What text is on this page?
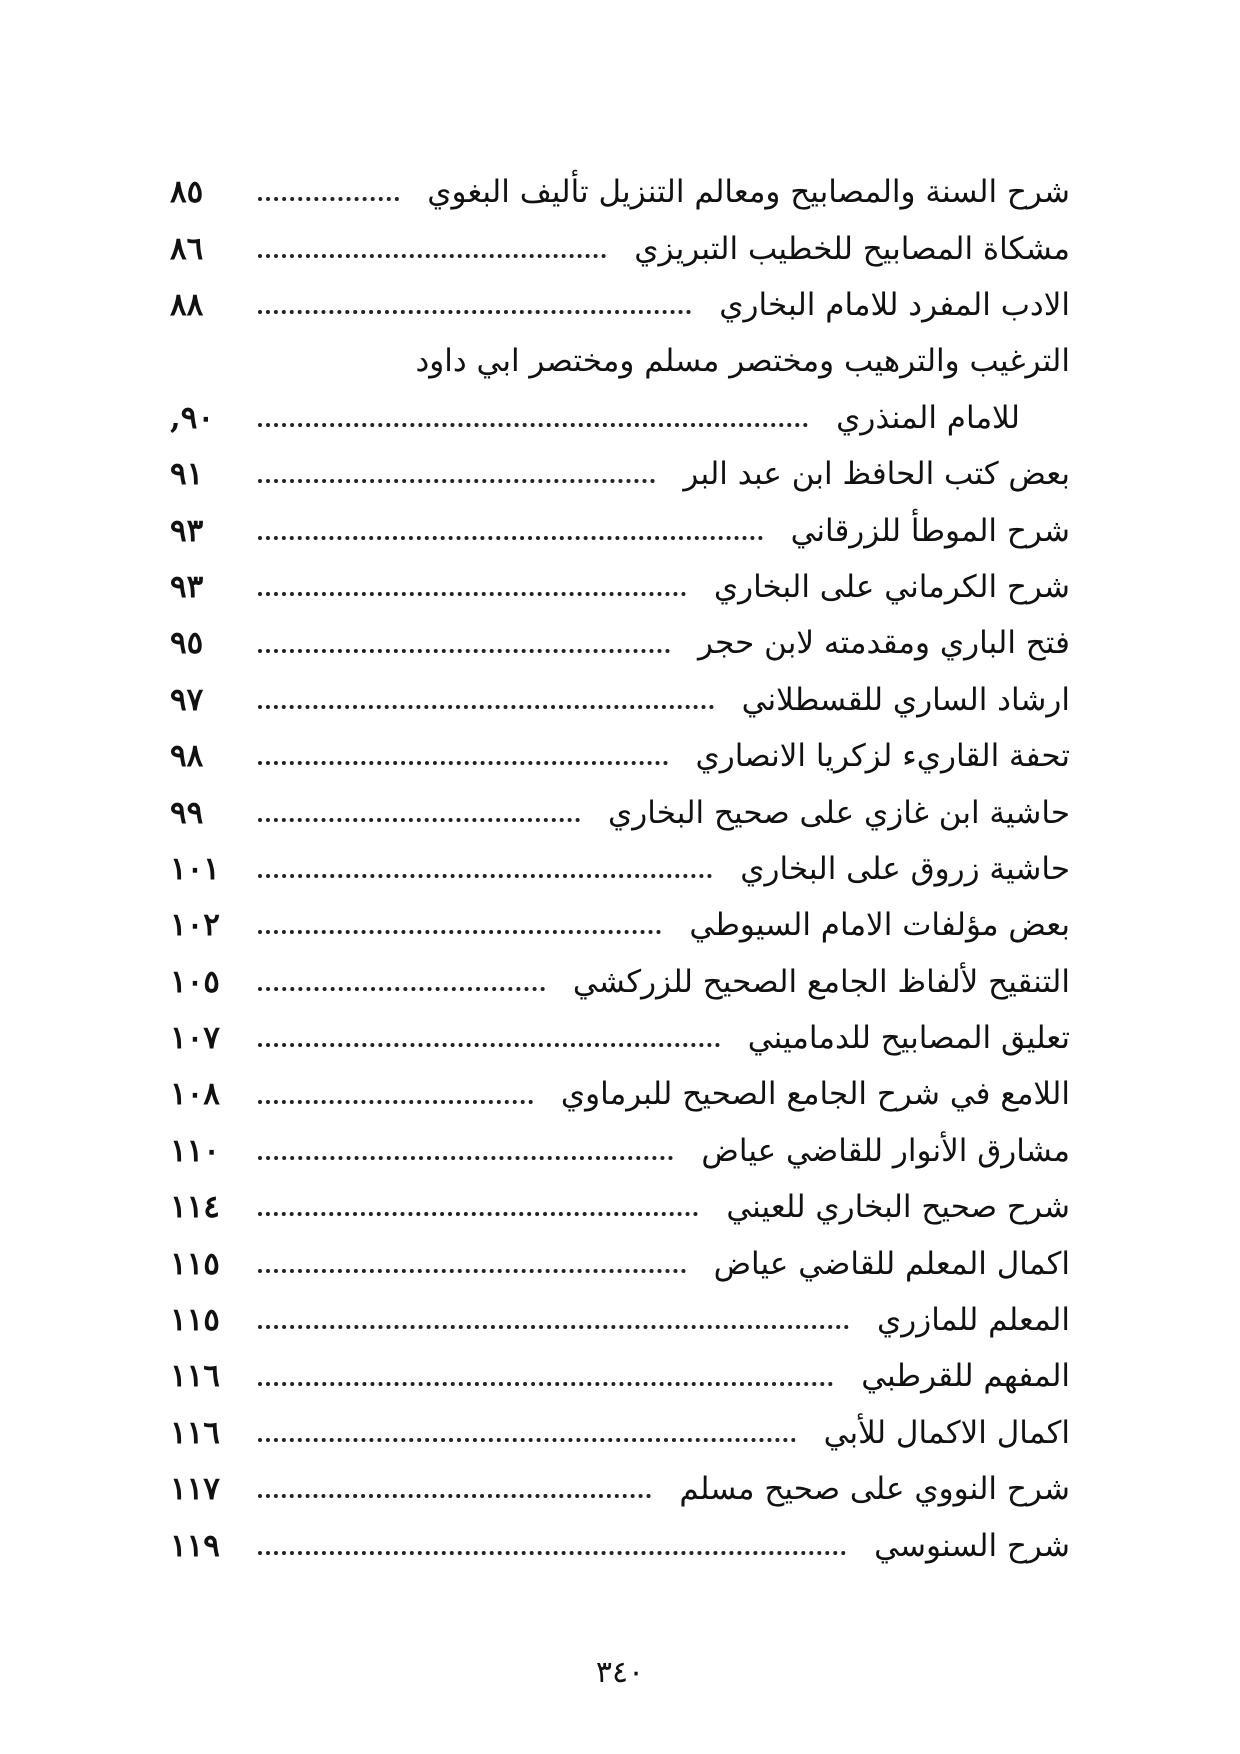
شرح السنة والمصابيح ومعالم التنزيل تأليف البغوي
٨٥
مشكاة المصابيح للخطيب التبريزي
٨٦
الادب المفرد للامام البخاري
٨٨
الترغيب والترهيب ومختصر مسلم ومختصر ابي داود
للامام المنذري
٩٠,
بعض كتب الحافظ ابن عبد البر
٩١
شرح الموطأ للزرقاني
٩٣
شرح الكرماني على البخاري
٩٣
فتح الباري ومقدمته لابن حجر
٩٥
ارشاد الساري للقسطلاني
٩٧
تحفة القاريء لزكريا الانصاري
٩٨
حاشية ابن غازي على صحيح البخاري
٩٩
حاشية زروق على البخاري
١٠١
بعض مؤلفات الامام السيوطي
١٠٢
التنقيح لألفاظ الجامع الصحيح للزركشي
١٠٥
تعليق المصابيح للدماميني
١٠٧
اللامع في شرح الجامع الصحيح للبرماوي
١٠٨
مشارق الأنوار للقاضي عياض
١١٠
شرح صحيح البخاري للعيني
١١٤
اكمال المعلم للقاضي عياض
١١٥
المعلم للمازري
١١٥
المفهم للقرطبي
١١٦
اكمال الاكمال للأبي
١١٦
شرح النووي على صحيح مسلم
١١٧
شرح السنوسي
١١٩
٣٤٠
